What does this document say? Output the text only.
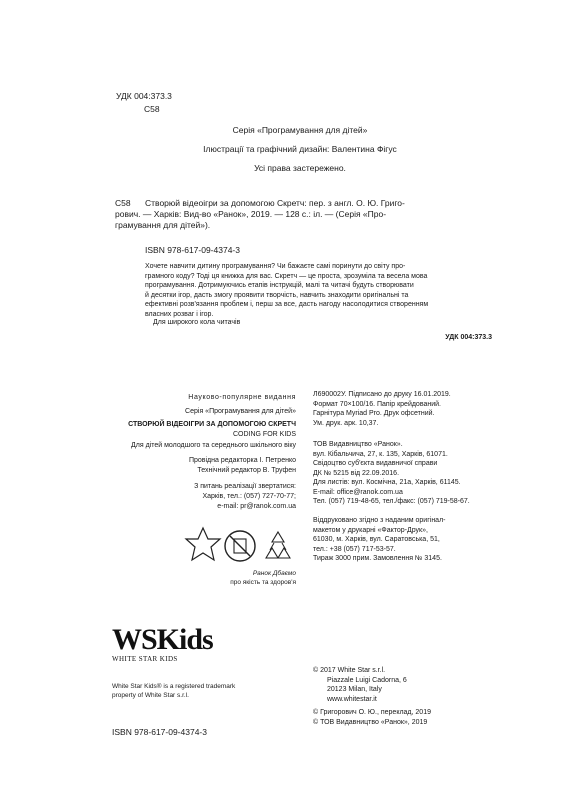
УДК 004:373.3
С58
Серія «Програмування для дітей»
Ілюстрації та графічний дизайн: Валентина Фігус
Усі права застережено.
С58 Створюй відеоігри за допомогою Скретч: пер. з англ. О. Ю. Григо-
рович. — Харків: Вид-во «Ранок», 2019. — 128 с.: іл. — (Серія «Про-
грамування для дітей»).
ISBN 978-617-09-4374-3
Хочете навчити дитину програмування? Чи бажаєте самі поринути до світу про-
грамного коду? Тоді ця книжка для вас. Скретч — це проста, зрозуміла та весела мова
програмування. Дотримуючись етапів інструкцій, малі та читачі будуть створювати
й десятки ігор, дасть змогу проявити творчість, навчить знаходити оригінальні та
ефективні розв'язання проблем і, перш за все, дасть нагоду насолодитися створенням
власних розваг і ігор.
Для широкого кола читачів
УДК 004:373.3
Науково-популярне видання
Серія «Програмування для дітей»
СТВОРЮЙ ВІДЕОІГРИ ЗА ДОПОМОГОЮ СКРЕТЧ
CODING FOR KIDS
Для дітей молодшого та середнього шкільного віку
Провідна редакторка І. Петренко
Технічний редактор В. Труфен
З питань реалізації звертатися:
Харків, тел.: (057) 727-70-77;
e-mail: pr@ranok.com.ua
Ранок Дбаємо
про якість та здоров'я
Л690002У. Підписано до друку 16.01.2019.
Формат 70×100/16. Папір крейдований.
Гарнітура Myriad Pro. Друк офсетний.
Ум. друк. арк. 10,37.
ТОВ Видавництво «Ранок».
вул. Кібальчича, 27, к. 135, Харків, 61071.
Свідоцтво суб'єкта видавничої справи
ДК № 5215 від 22.09.2016.
Для листів: вул. Космічна, 21а, Харків, 61145.
E-mail: office@ranok.com.ua
Тел. (057) 719-48-65, тел./факс: (057) 719-58-67.
Віддруковано згідно з наданим оригінал-
макетом у друкарні «Фактор-Друк»,
61030, м. Харків, вул. Саратовська, 51,
тел.: +38 (057) 717-53-57.
Тираж 3000 прим. Замовлення № 3145.
WSKids
WHITE STAR KIDS
White Star Kids® is a registered trademark
property of White Star s.r.l.
© 2017 White Star s.r.l.
Piazzale Luigi Cadorna, 6
20123 Milan, Italy
www.whitestar.it
© Григорович О. Ю., переклад, 2019
© ТОВ Видавництво «Ранок», 2019
ISBN 978-617-09-4374-3
